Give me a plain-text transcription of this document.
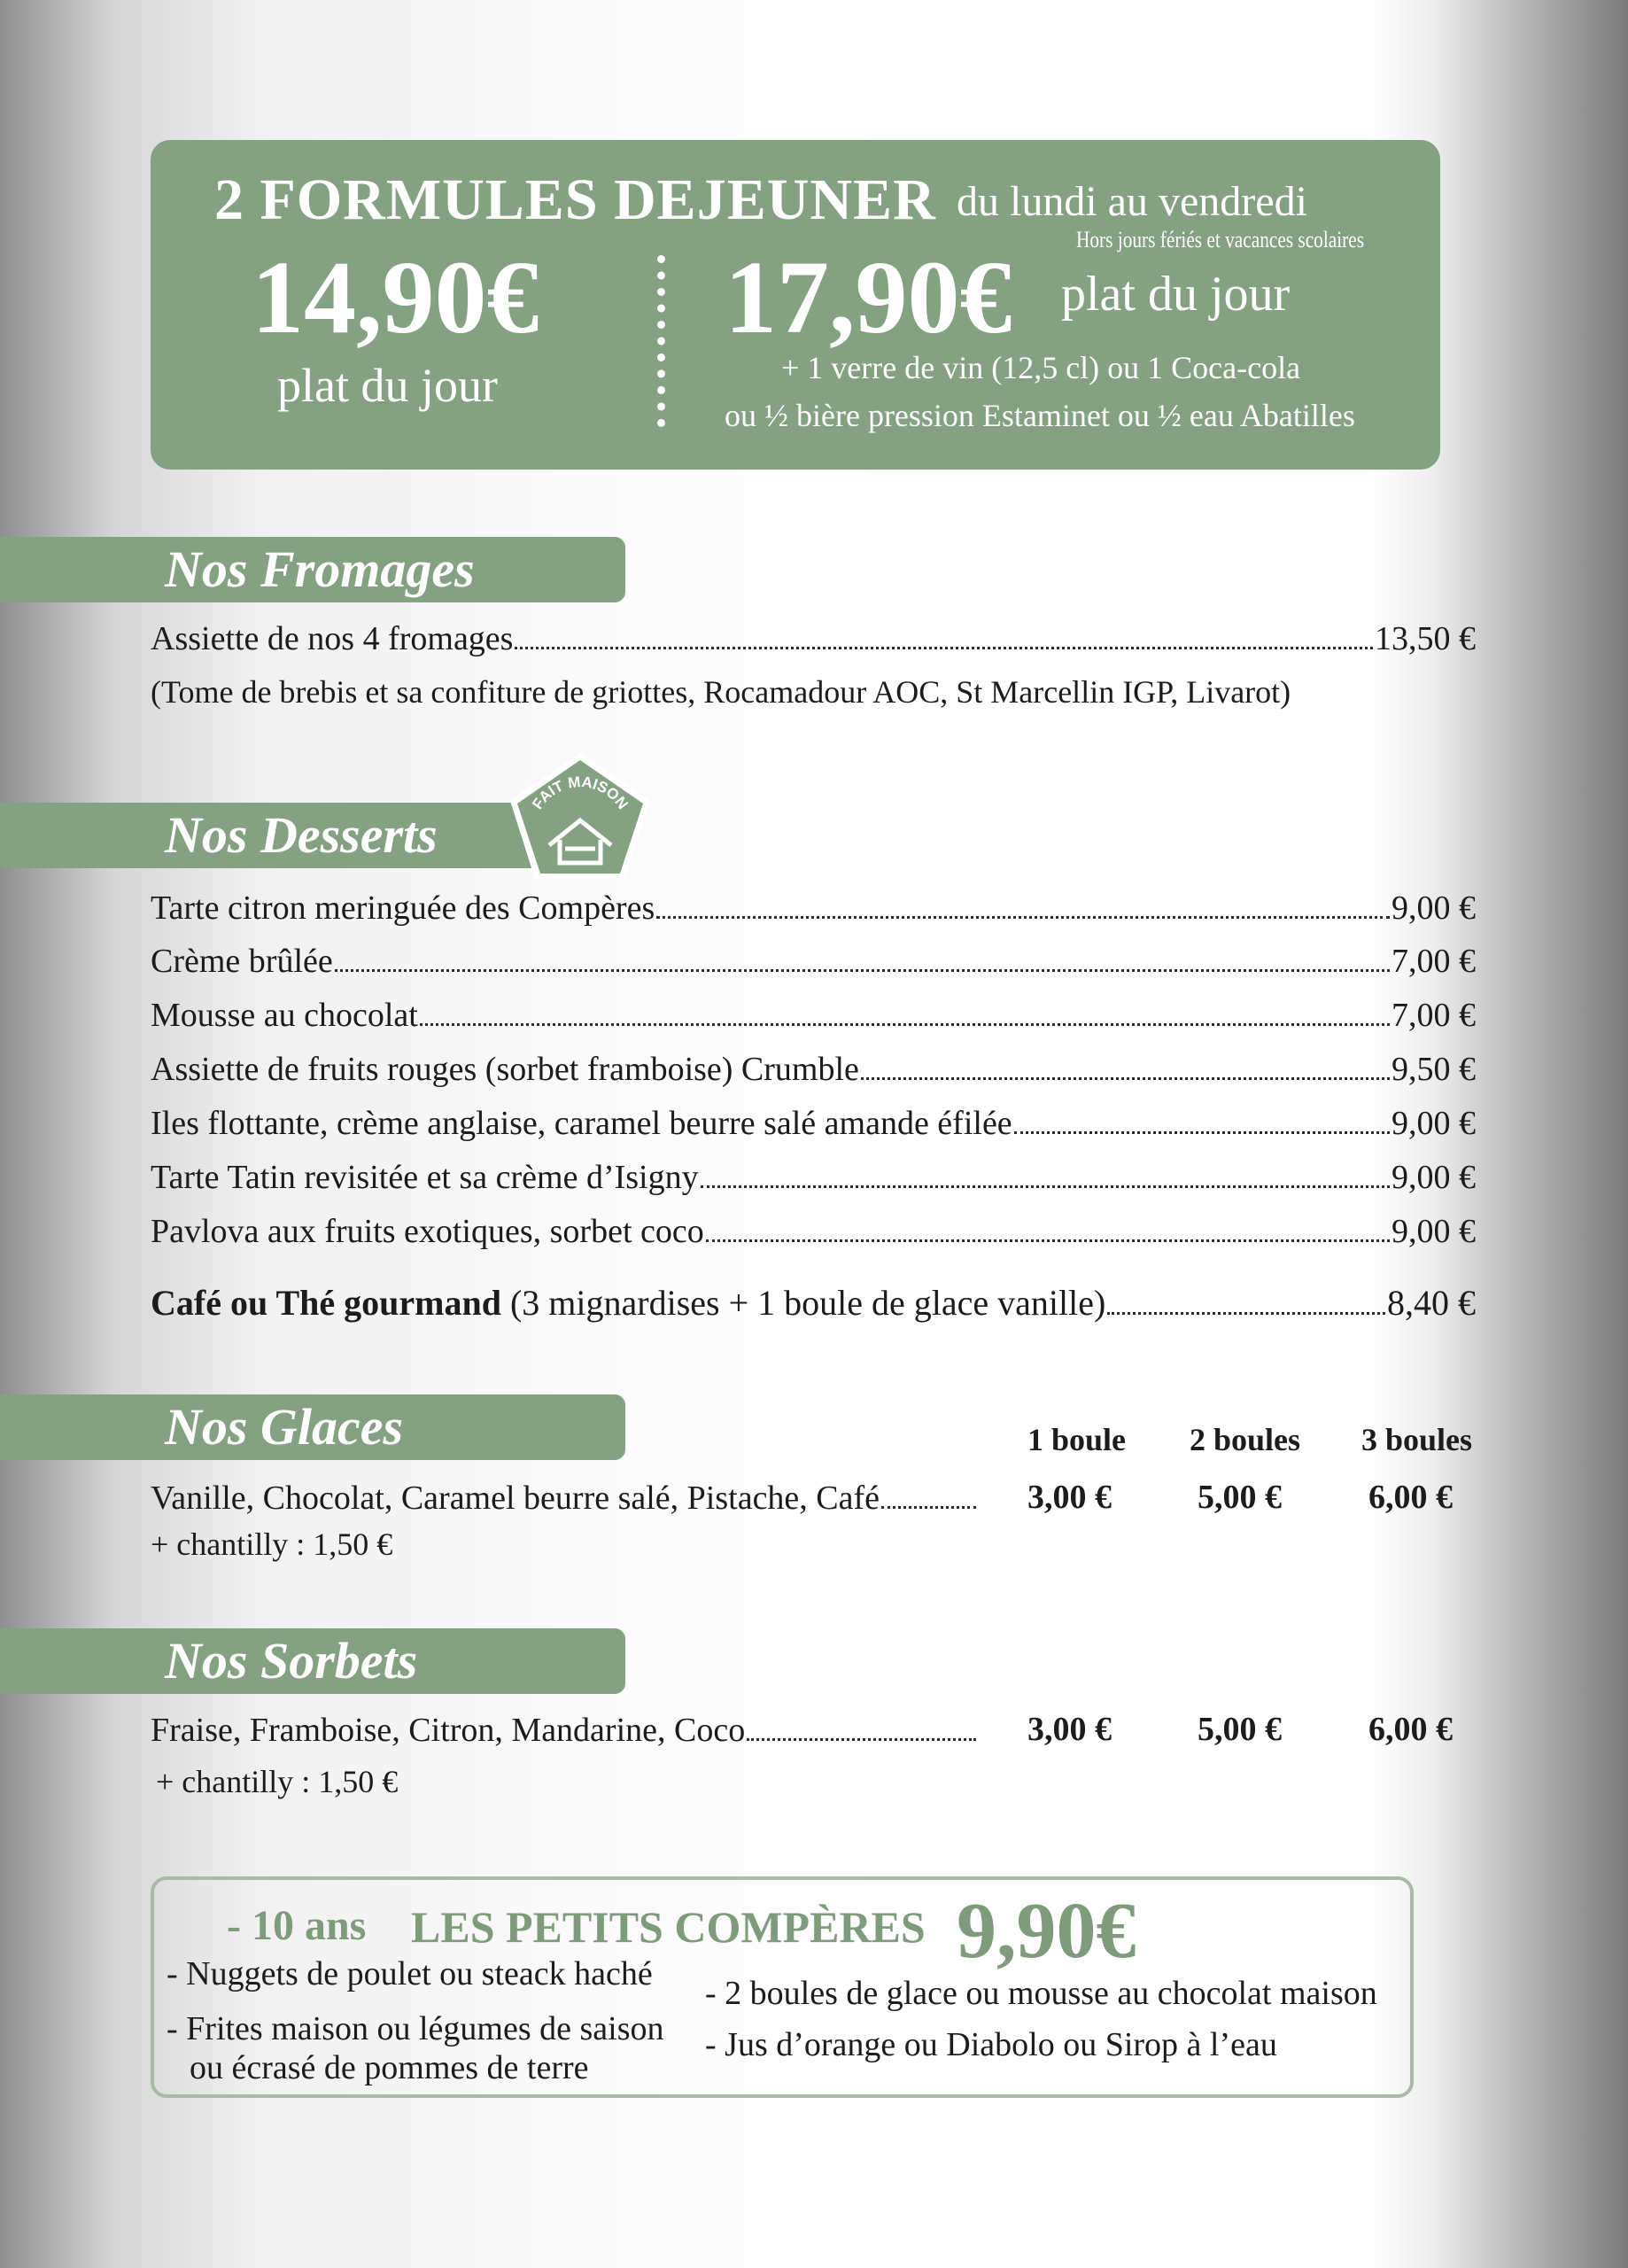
2 FORMULES DEJEUNER du lundi au vendredi
Hors jours fériés et vacances scolaires
14,90€
plat du jour
17,90€ plat du jour
+ 1 verre de vin (12,5 cl) ou 1 Coca-cola
ou ½ bière pression Estaminet ou ½ eau Abatilles
Nos Fromages
Assiette de nos 4 fromages	13,50 €
(Tome de brebis et sa confiture de griottes, Rocamadour AOC, St Marcellin IGP, Livarot)
Nos Desserts
FAIT MAISON
Tarte citron meringuée des Compères	9,00 €
Crème brûlée	7,00 €
Mousse au chocolat	7,00 €
Assiette de fruits rouges (sorbet framboise) Crumble	9,50 €
Iles flottante, crème anglaise, caramel beurre salé amande éfilée	9,00 €
Tarte Tatin revisitée et sa crème d’Isigny	9,00 €
Pavlova aux fruits exotiques, sorbet coco	9,00 €
Café ou Thé gourmand (3 mignardises + 1 boule de glace vanille)	8,40 €
Nos Glaces	1 boule 2 boules 3 boules
Vanille, Chocolat, Caramel beurre salé, Pistache, Café	3,00 €	5,00 €	6,00 €
+ chantilly : 1,50 €
Nos Sorbets
Fraise, Framboise, Citron, Mandarine, Coco	3,00 €	5,00 €	6,00 €
+ chantilly : 1,50 €
- 10 ans LES PETITS COMPÈRES 9,90€
- Nuggets de poulet ou steack haché
- Frites maison ou légumes de saison
ou écrasé de pommes de terre
- 2 boules de glace ou mousse au chocolat maison
- Jus d’orange ou Diabolo ou Sirop à l’eau
